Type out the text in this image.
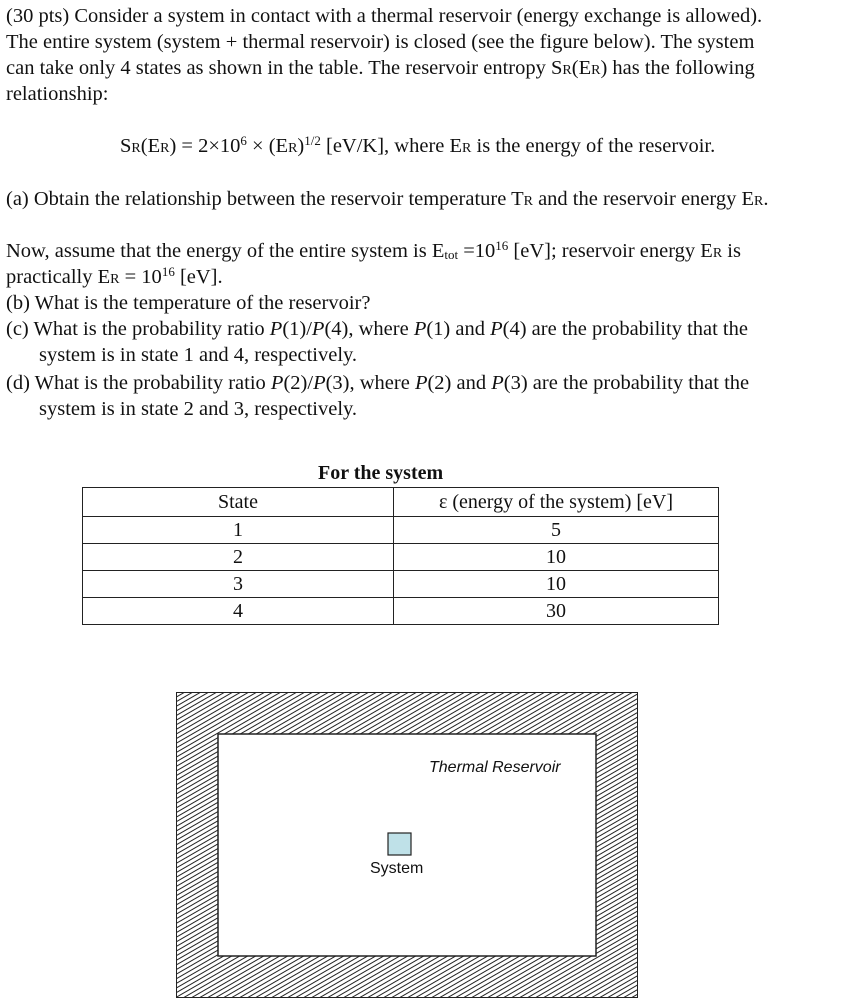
(30 pts) Consider a system in contact with a thermal reservoir (energy exchange is allowed).
The entire system (system + thermal reservoir) is closed (see the figure below). The system
can take only 4 states as shown in the table. The reservoir entropy Sr(Er) has the following
relationship:
$Sr(Er) = 2\times 10^6 \times (Er)^{1/2}$ [eV/K], where Er is the energy of the reservoir.
(a) Obtain the relationship between the reservoir temperature Tr and the reservoir energy Er.
Now, assume that the energy of the entire system is $E_{tot} =10^{16}$ [eV]; reservoir energy Er is
practically $Er = 10^{16}$ [eV].
(b) What is the temperature of the reservoir?
(c) What is the probability ratio P(1)/P(4), where P(1) and P(4) are the probability that the
system is in state 1 and 4, respectively.
(d) What is the probability ratio P(2)/P(3), where P(2) and P(3) are the probability that the
system is in state 2 and 3, respectively.
For the system
State	ε (energy of the system) [eV]
1	5
2	10
3	10
4	30
Thermal Reservoir
System
